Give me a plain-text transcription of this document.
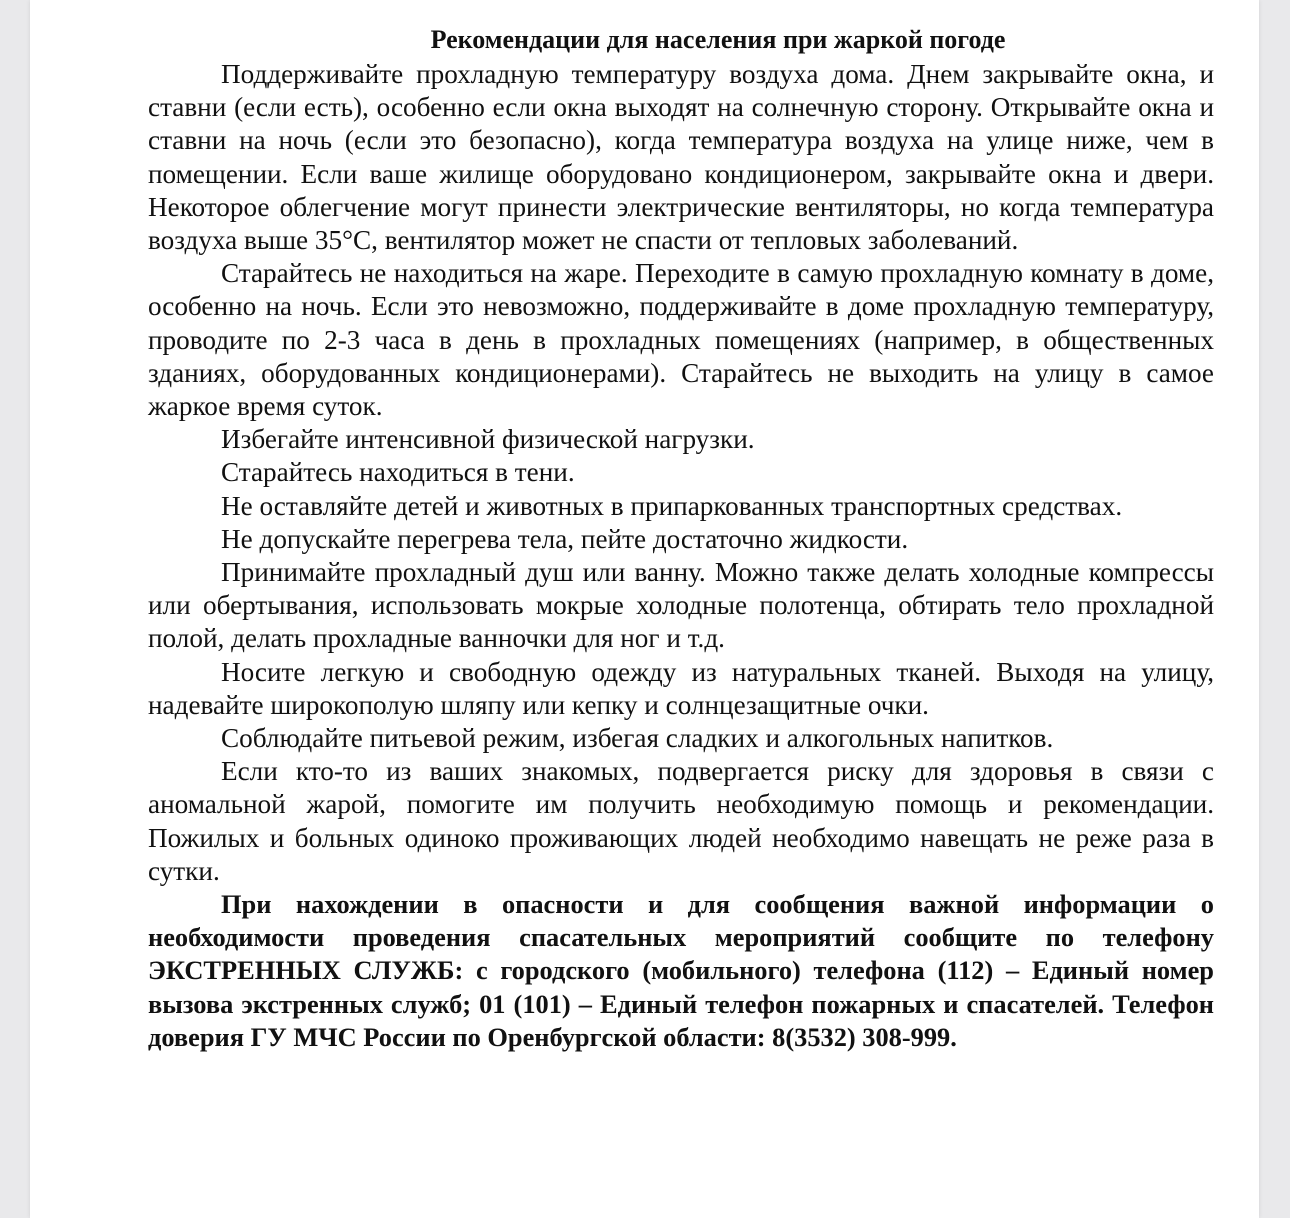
Рекомендации для населения при жаркой погоде

Поддерживайте прохладную температуру воздуха дома. Днем закрывайте окна, и ставни (если есть), особенно если окна выходят на солнечную сторону. Открывайте окна и ставни на ночь (если это безопасно), когда температура воздуха на улице ниже, чем в помещении. Если ваше жилище оборудовано кондиционером, закрывайте окна и двери. Некоторое облегчение могут принести электрические вентиляторы, но когда температура воздуха выше 35°С, вентилятор может не спасти от тепловых заболеваний.

Старайтесь не находиться на жаре. Переходите в самую прохладную комнату в доме, особенно на ночь. Если это невозможно, поддерживайте в доме прохладную температуру, проводите по 2-3 часа в день в прохладных помещениях (например, в общественных зданиях, оборудованных кондиционерами). Старайтесь не выходить на улицу в самое жаркое время суток.

Избегайте интенсивной физической нагрузки.

Старайтесь находиться в тени.

Не оставляйте детей и животных в припаркованных транспортных средствах.

Не допускайте перегрева тела, пейте достаточно жидкости.

Принимайте прохладный душ или ванну. Можно также делать холодные компрессы или обертывания, использовать мокрые холодные полотенца, обтирать тело прохладной полой, делать прохладные ванночки для ног и т.д.

Носите легкую и свободную одежду из натуральных тканей. Выходя на улицу, надевайте широкополую шляпу или кепку и солнцезащитные очки.

Соблюдайте питьевой режим, избегая сладких и алкогольных напитков.

Если кто-то из ваших знакомых, подвергается риску для здоровья в связи с аномальной жарой, помогите им получить необходимую помощь и рекомендации. Пожилых и больных одиноко проживающих людей необходимо навещать не реже раза в сутки.

При нахождении в опасности и для сообщения важной информации о необходимости проведения спасательных мероприятий сообщите по телефону ЭКСТРЕННЫХ СЛУЖБ: с городского (мобильного) телефона (112) – Единый номер вызова экстренных служб; 01 (101) – Единый телефон пожарных и спасателей. Телефон доверия ГУ МЧС России по Оренбургской области: 8(3532) 308-999.
